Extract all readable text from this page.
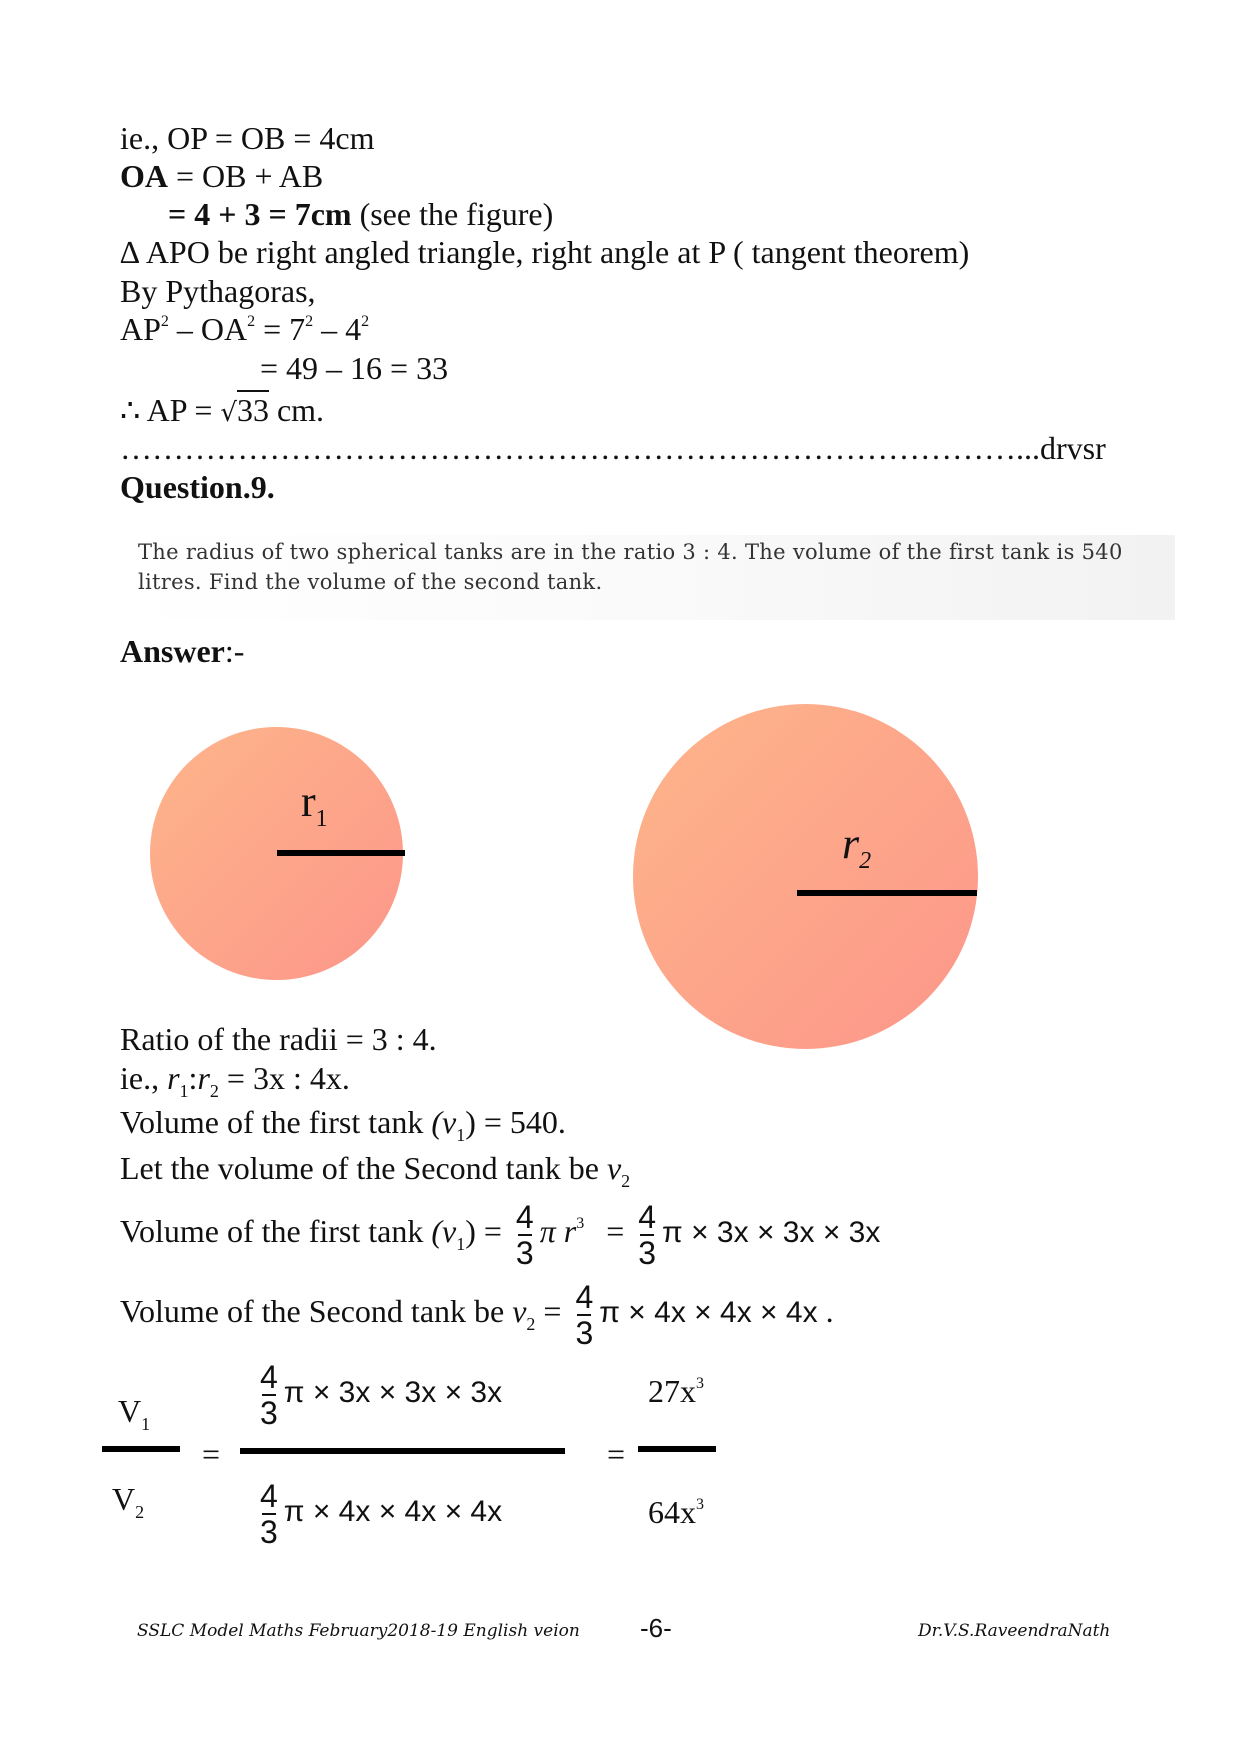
ie., OP = OB = 4cm
OA = OB + AB
= 4 + 3 = 7cm (see the figure)
∆ APO be right angled triangle, right angle at P ( tangent theorem)
By Pythagoras,
$AP^2 - OA^2 = 7^2 - 4^2$
= 49 – 16 = 33
∴ AP = √33 cm.
…………………………………………………………………………...drvsr
Question.9.
The radius of two spherical tanks are in the ratio 3 : 4. The volume of the first tank is 540 litres. Find the volume of the second tank.
Answer:-
$r_1$	$r_2$
Ratio of the radii = 3 : 4.
ie., $r_1:r_2 = 3x$ : 4x.
Volume of the first tank $(v_1) = 540$.
Let the volume of the Second tank be $v_2$
Volume of the first tank $(v_1) = \frac{4}{3}$ π $r^3 = \frac{4}{3}$ π × 3x × 3x × 3x
Volume of the Second tank be $v_2 = \frac{4}{3}$ π × 4x × 4x × 4x .
$V_1$
$V_2$
=
$\frac{4}{3}$ π × 3x × 3x × 3x
$\frac{4}{3}$ π × 4x × 4x × 4x
=
$27x^3$
$64x^3$
SSLC Model Maths February2018-19 English veion -6-	Dr.V.S.RaveendraNath
